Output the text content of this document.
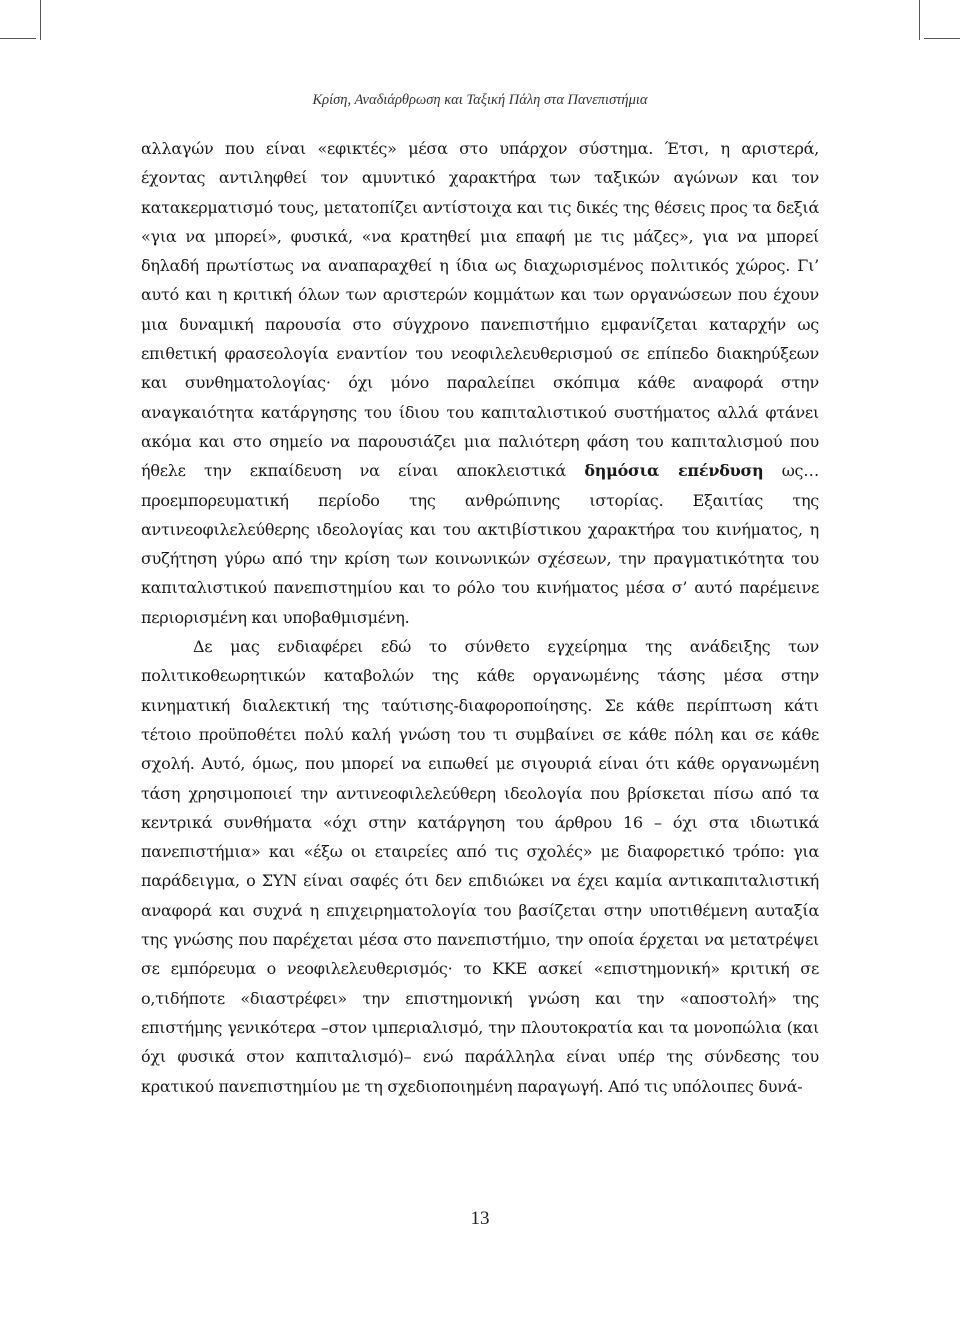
Κρίση, Αναδιάρθρωση και Ταξική Πάλη στα Πανεπιστήμια

αλλαγών που είναι «εφικτές» μέσα στο υπάρχον σύστημα. Έτσι, η αριστερά, έχοντας αντιληφθεί τον αμυντικό χαρακτήρα των ταξικών αγώνων και τον κατακερματισμό τους, μετατοπίζει αντίστοιχα και τις δικές της θέσεις προς τα δεξιά «για να μπορεί», φυσικά, «να κρατηθεί μια επαφή με τις μάζες», για να μπορεί δηλαδή πρωτίστως να αναπαραχθεί η ίδια ως διαχωρισμένος πολιτικός χώρος. Γι’ αυτό και η κριτική όλων των αριστερών κομμάτων και των οργανώσεων που έχουν μια δυναμική παρουσία στο σύγχρονο πανεπιστήμιο εμφανίζεται καταρχήν ως επιθετική φρασεολογία εναντίον του νεοφιλελευθερισμού σε επίπεδο διακηρύξεων και συνθηματολογίας· όχι μόνο παραλείπει σκόπιμα κάθε αναφορά στην αναγκαιότητα κατάργησης του ίδιου του καπιταλιστικού συστήματος αλλά φτάνει ακόμα και στο σημείο να παρουσιάζει μια παλιότερη φάση του καπιταλισμού που ήθελε την εκπαίδευση να είναι αποκλειστικά δημόσια επένδυση ως… προεμπορευματική περίοδο της ανθρώπινης ιστορίας. Εξαιτίας της αντινεοφιλελεύθερης ιδεολογίας και του ακτιβίστικου χαρακτήρα του κινήματος, η συζήτηση γύρω από την κρίση των κοινωνικών σχέσεων, την πραγματικότητα του καπιταλιστικού πανεπιστημίου και το ρόλο του κινήματος μέσα σ’ αυτό παρέμεινε περιορισμένη και υποβαθμισμένη.

Δε μας ενδιαφέρει εδώ το σύνθετο εγχείρημα της ανάδειξης των πολιτικοθεωρητικών καταβολών της κάθε οργανωμένης τάσης μέσα στην κινηματική διαλεκτική της ταύτισης-διαφοροποίησης. Σε κάθε περίπτωση κάτι τέτοιο προϋποθέτει πολύ καλή γνώση του τι συμβαίνει σε κάθε πόλη και σε κάθε σχολή. Αυτό, όμως, που μπορεί να ειπωθεί με σιγουριά είναι ότι κάθε οργανωμένη τάση χρησιμοποιεί την αντινεοφιλελεύθερη ιδεολογία που βρίσκεται πίσω από τα κεντρικά συνθήματα «όχι στην κατάργηση του άρθρου 16 – όχι στα ιδιωτικά πανεπιστήμια» και «έξω οι εταιρείες από τις σχολές» με διαφορετικό τρόπο: για παράδειγμα, ο ΣΥΝ είναι σαφές ότι δεν επιδιώκει να έχει καμία αντικαπιταλιστική αναφορά και συχνά η επιχειρηματολογία του βασίζεται στην υποτιθέμενη αυταξία της γνώσης που παρέχεται μέσα στο πανεπιστήμιο, την οποία έρχεται να μετατρέψει σε εμπόρευμα ο νεοφιλελευθερισμός· το ΚΚΕ ασκεί «επιστημονική» κριτική σε ο,τιδήποτε «διαστρέφει» την επιστημονική γνώση και την «αποστολή» της επιστήμης γενικότερα –στον ιμπεριαλισμό, την πλουτοκρατία και τα μονοπώλια (και όχι φυσικά στον καπιταλισμό)– ενώ παράλληλα είναι υπέρ της σύνδεσης του κρατικού πανεπιστημίου με τη σχεδιοποιημένη παραγωγή. Από τις υπόλοιπες δυνά-

13
